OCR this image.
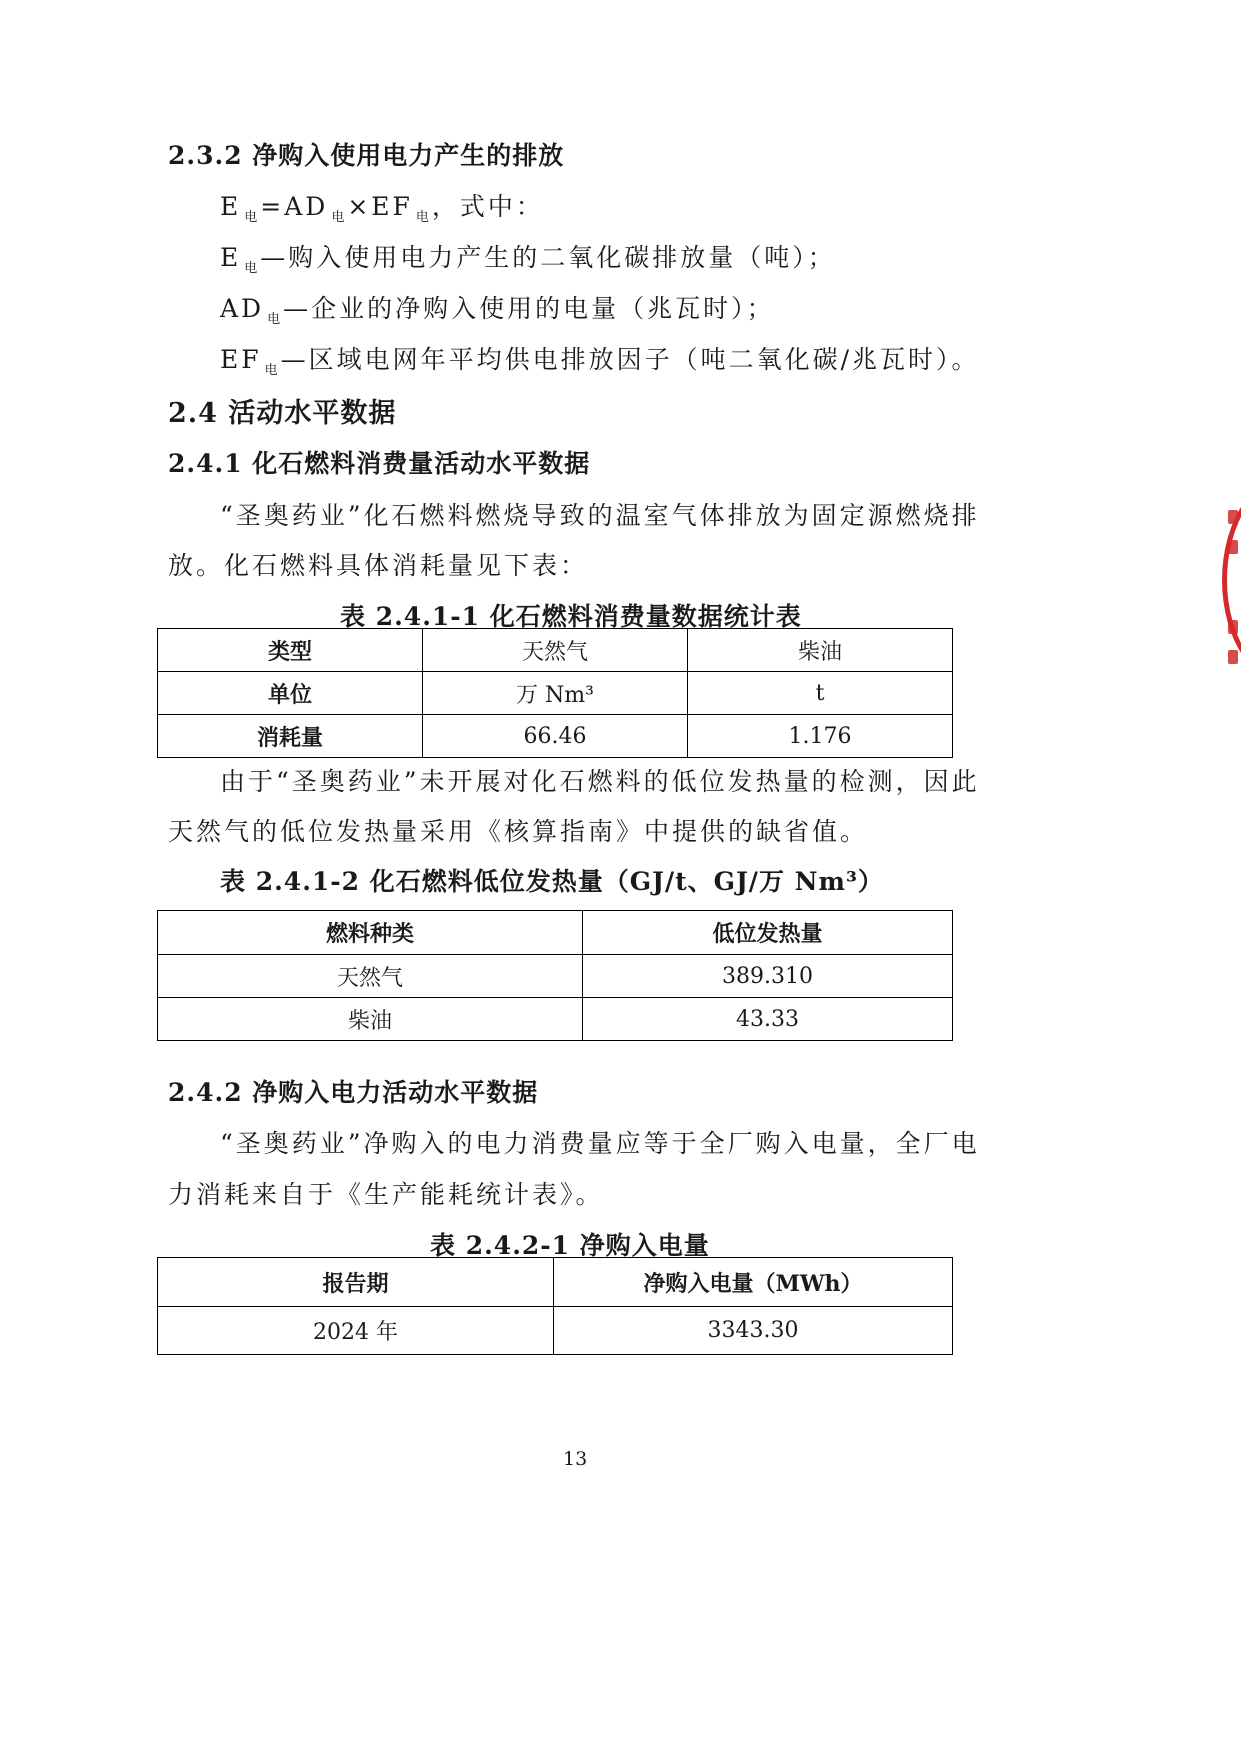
2.3.2 净购入使用电力产生的排放
E $_电$ =AD $_电$ ×EF $_电$ ，式中：
E $_电$ —购入使用电力产生的二氧化碳排放量（吨）；
AD $_电$ —企业的净购入使用的电量（兆瓦时）；
EF $_电$ —区域电网年平均供电排放因子（吨二氧化碳/兆瓦时）。
2.4 活动水平数据
2.4.1 化石燃料消费量活动水平数据
“圣奥药业”化石燃料燃烧导致的温室气体排放为固定源燃烧排
放。化石燃料具体消耗量见下表：
表 2.4.1-1 化石燃料消费量数据统计表
类型	天然气	柴油
单位	万 Nm³	t
消耗量	66.46	1.176
由于“圣奥药业”未开展对化石燃料的低位发热量的检测，因此
天然气的低位发热量采用《核算指南》中提供的缺省值。
表 2.4.1-2 化石燃料低位发热量（GJ/t、GJ/万 Nm³）
燃料种类	低位发热量
天然气	389.310
柴油	43.33
2.4.2 净购入电力活动水平数据
“圣奥药业”净购入的电力消费量应等于全厂购入电量，全厂电
力消耗来自于《生产能耗统计表》。
表 2.4.2-1 净购入电量
报告期	净购入电量（MWh）
2024 年	3343.30
13
